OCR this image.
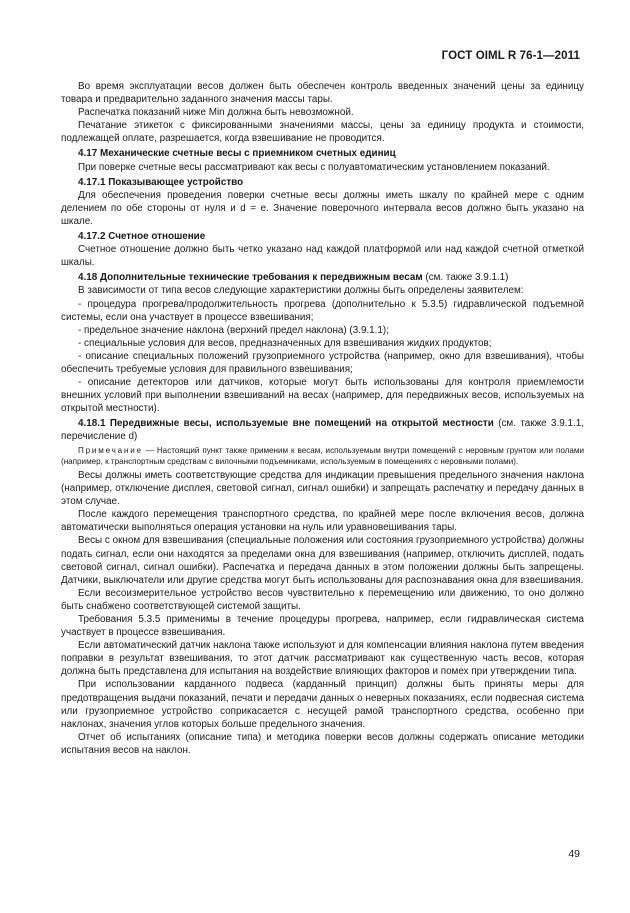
ГОСТ OIML R 76-1—2011

Во время эксплуатации весов должен быть обеспечен контроль введенных значений цены за единицу товара и предварительно заданного значения массы тары.

Распечатка показаний ниже Min должна быть невозможной.

Печатание этикеток с фиксированными значениями массы, цены за единицу продукта и стоимости, подлежащей оплате, разрешается, когда взвешивание не проводится.

4.17 Механические счетные весы с приемником счетных единиц

При поверке счетные весы рассматривают как весы с полуавтоматическим установлением показаний.

4.17.1 Показывающее устройство

Для обеспечения проведения поверки счетные весы должны иметь шкалу по крайней мере с одним делением по обе стороны от нуля и d = e. Значение поверочного интервала весов должно быть указано на шкале.

4.17.2 Счетное отношение

Счетное отношение должно быть четко указано над каждой платформой или над каждой счетной отметкой шкалы.

4.18 Дополнительные технические требования к передвижным весам (см. также 3.9.1.1)

В зависимости от типа весов следующие характеристики должны быть определены заявителем:

- процедура прогрева/продолжительность прогрева (дополнительно к 5.3.5) гидравлической подъемной системы, если она участвует в процессе взвешивания;

- предельное значение наклона (верхний предел наклона) (3.9.1.1);

- специальные условия для весов, предназначенных для взвешивания жидких продуктов;

- описание специальных положений грузоприемного устройства (например, окно для взвешивания), чтобы обеспечить требуемые условия для правильного взвешивания;

- описание детекторов или датчиков, которые могут быть использованы для контроля приемлемости внешних условий при выполнении взвешиваний на весах (например, для передвижных весов, используемых на открытой местности).

4.18.1 Передвижные весы, используемые вне помещений на открытой местности (см. также 3.9.1.1, перечисление d)

Примечание — Настоящий пункт также применим к весам, используемым внутри помещений с неровным грунтом или полами (например, к транспортным средствам с вилочными подъемниками, используемым в помещениях с неровными полами).

Весы должны иметь соответствующие средства для индикации превышения предельного значения наклона (например, отключение дисплея, световой сигнал, сигнал ошибки) и запрещать распечатку и передачу данных в этом случае.

После каждого перемещения транспортного средства, по крайней мере после включения весов, должна автоматически выполняться операция установки на нуль или уравновешивания тары.

Весы с окном для взвешивания (специальные положения или состояния грузоприемного устройства) должны подать сигнал, если они находятся за пределами окна для взвешивания (например, отключить дисплей, подать световой сигнал, сигнал ошибки). Распечатка и передача данных в этом положении должны быть запрещены. Датчики, выключатели или другие средства могут быть использованы для распознавания окна для взвешивания.

Если весоизмерительное устройство весов чувствительно к перемещению или движению, то оно должно быть снабжено соответствующей системой защиты.

Требования 5.3.5 применимы в течение процедуры прогрева, например, если гидравлическая система участвует в процессе взвешивания.

Если автоматический датчик наклона также используют и для компенсации влияния наклона путем введения поправки в результат взвешивания, то этот датчик рассматривают как существенную часть весов, которая должна быть представлена для испытания на воздействие влияющих факторов и помех при утверждении типа.

При использовании карданного подвеса (карданный принцип) должны быть приняты меры для предотвращения выдачи показаний, печати и передачи данных о неверных показаниях, если подвесная система или грузоприемное устройство соприкасается с несущей рамой транспортного средства, особенно при наклонах, значения углов которых больше предельного значения.

Отчет об испытаниях (описание типа) и методика поверки весов должны содержать описание методики испытания весов на наклон.

49
